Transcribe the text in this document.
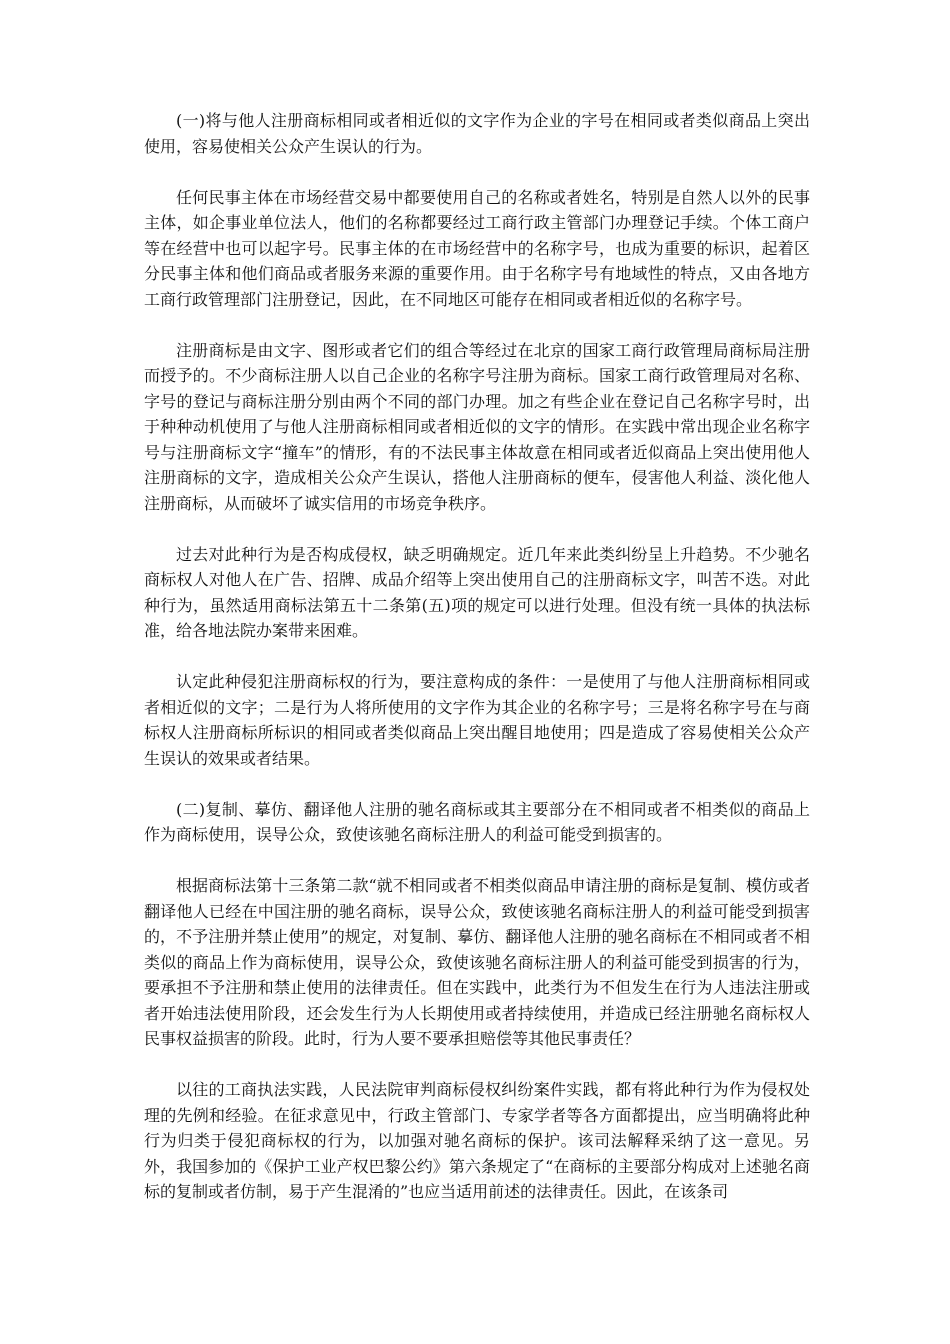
(一)将与他人注册商标相同或者相近似的文字作为企业的字号在相同或者类似商品上突出使用，容易使相关公众产生误认的行为。

任何民事主体在市场经营交易中都要使用自己的名称或者姓名，特别是自然人以外的民事主体，如企事业单位法人，他们的名称都要经过工商行政主管部门办理登记手续。个体工商户等在经营中也可以起字号。民事主体的在市场经营中的名称字号，也成为重要的标识，起着区分民事主体和他们商品或者服务来源的重要作用。由于名称字号有地域性的特点，又由各地方工商行政管理部门注册登记，因此，在不同地区可能存在相同或者相近似的名称字号。

注册商标是由文字、图形或者它们的组合等经过在北京的国家工商行政管理局商标局注册而授予的。不少商标注册人以自己企业的名称字号注册为商标。国家工商行政管理局对名称、字号的登记与商标注册分别由两个不同的部门办理。加之有些企业在登记自己名称字号时，出于种种动机使用了与他人注册商标相同或者相近似的文字的情形。在实践中常出现企业名称字号与注册商标文字“撞车”的情形，有的不法民事主体故意在相同或者近似商品上突出使用他人注册商标的文字，造成相关公众产生误认，搭他人注册商标的便车，侵害他人利益、淡化他人注册商标，从而破坏了诚实信用的市场竞争秩序。

过去对此种行为是否构成侵权，缺乏明确规定。近几年来此类纠纷呈上升趋势。不少驰名商标权人对他人在广告、招牌、成品介绍等上突出使用自己的注册商标文字，叫苦不迭。对此种行为，虽然适用商标法第五十二条第(五)项的规定可以进行处理。但没有统一具体的执法标准，给各地法院办案带来困难。

认定此种侵犯注册商标权的行为，要注意构成的条件：一是使用了与他人注册商标相同或者相近似的文字；二是行为人将所使用的文字作为其企业的名称字号；三是将名称字号在与商标权人注册商标所标识的相同或者类似商品上突出醒目地使用；四是造成了容易使相关公众产生误认的效果或者结果。

(二)复制、摹仿、翻译他人注册的驰名商标或其主要部分在不相同或者不相类似的商品上作为商标使用，误导公众，致使该驰名商标注册人的利益可能受到损害的。

根据商标法第十三条第二款“就不相同或者不相类似商品申请注册的商标是复制、模仿或者翻译他人已经在中国注册的驰名商标，误导公众，致使该驰名商标注册人的利益可能受到损害的，不予注册并禁止使用”的规定，对复制、摹仿、翻译他人注册的驰名商标在不相同或者不相类似的商品上作为商标使用，误导公众，致使该驰名商标注册人的利益可能受到损害的行为，要承担不予注册和禁止使用的法律责任。但在实践中，此类行为不但发生在行为人违法注册或者开始违法使用阶段，还会发生行为人长期使用或者持续使用，并造成已经注册驰名商标权人民事权益损害的阶段。此时，行为人要不要承担赔偿等其他民事责任？

以往的工商执法实践，人民法院审判商标侵权纠纷案件实践，都有将此种行为作为侵权处理的先例和经验。在征求意见中，行政主管部门、专家学者等各方面都提出，应当明确将此种行为归类于侵犯商标权的行为，以加强对驰名商标的保护。该司法解释采纳了这一意见。另外，我国参加的《保护工业产权巴黎公约》第六条规定了“在商标的主要部分构成对上述驰名商标的复制或者仿制，易于产生混淆的”也应当适用前述的法律责任。因此，在该条司
